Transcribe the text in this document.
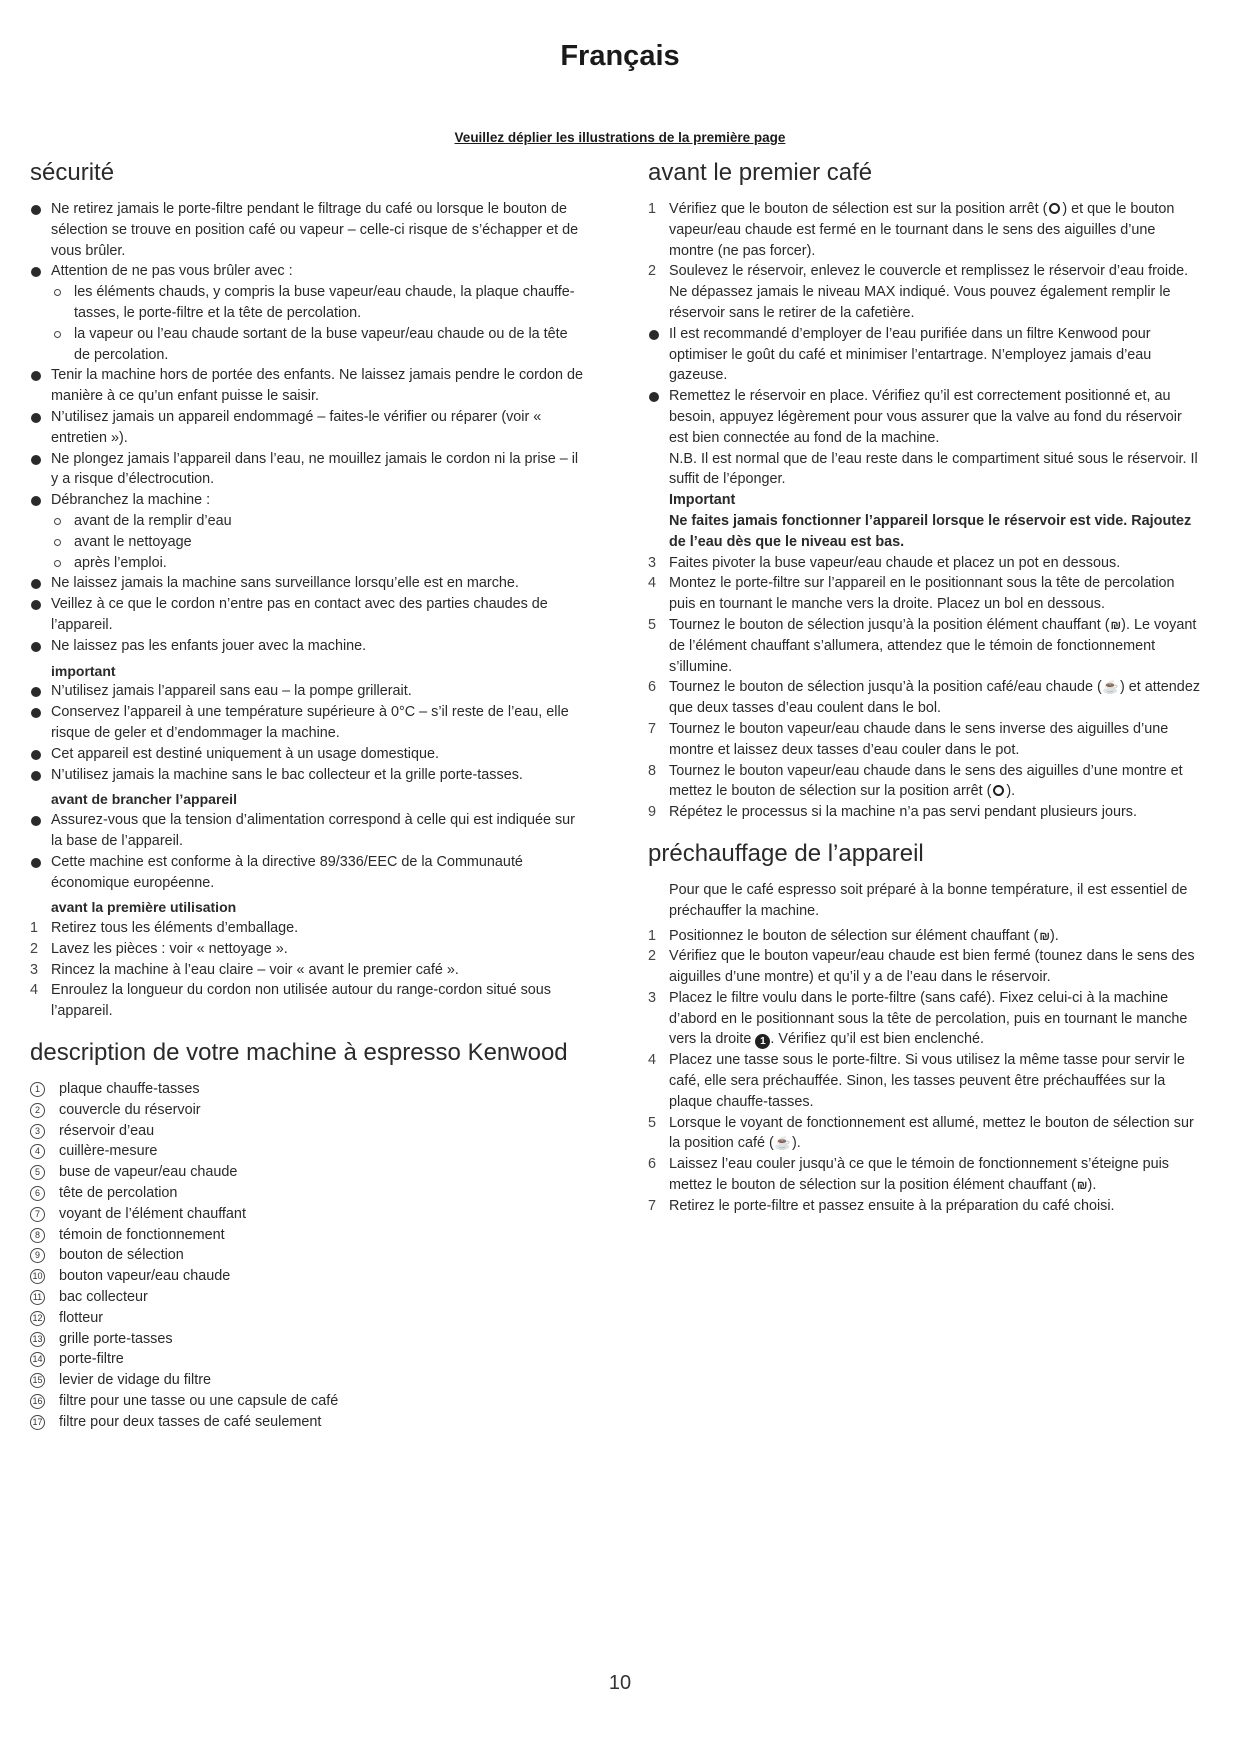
Français
Veuillez déplier les illustrations de la première page
sécurité
Ne retirez jamais le porte-filtre pendant le filtrage du café ou lorsque le bouton de sélection se trouve en position café ou vapeur – celle-ci risque de s’échapper et de vous brûler.
Attention de ne pas vous brûler avec :
les éléments chauds, y compris la buse vapeur/eau chaude, la plaque chauffe-tasses, le porte-filtre et la tête de percolation.
la vapeur ou l’eau chaude sortant de la buse vapeur/eau chaude ou de la tête de percolation.
Tenir la machine hors de portée des enfants. Ne laissez jamais pendre le cordon de manière à ce qu’un enfant puisse le saisir.
N’utilisez jamais un appareil endommagé – faites-le vérifier ou réparer (voir « entretien »).
Ne plongez jamais l’appareil dans l’eau, ne mouillez jamais le cordon ni la prise – il y a risque d’électrocution.
Débranchez la machine :
avant de la remplir d’eau
avant le nettoyage
après l’emploi.
Ne laissez jamais la machine sans surveillance lorsqu’elle est en marche.
Veillez à ce que le cordon n’entre pas en contact avec des parties chaudes de l’appareil.
Ne laissez pas les enfants jouer avec la machine.
important
N’utilisez jamais l’appareil sans eau – la pompe grillerait.
Conservez l’appareil à une température supérieure à 0°C – s’il reste de l’eau, elle risque de geler et d’endommager la machine.
Cet appareil est destiné uniquement à un usage domestique.
N’utilisez jamais la machine sans le bac collecteur et la grille porte-tasses.
avant de brancher l’appareil
Assurez-vous que la tension d’alimentation correspond à celle qui est indiquée sur la base de l’appareil.
Cette machine est conforme à la directive 89/336/EEC de la Communauté économique européenne.
avant la première utilisation
1 Retirez tous les éléments d’emballage.
2 Lavez les pièces : voir « nettoyage ».
3 Rincez la machine à l’eau claire – voir « avant le premier café ».
4 Enroulez la longueur du cordon non utilisée autour du range-cordon situé sous l’appareil.
description de votre machine à espresso Kenwood
1	plaque chauffe-tasses
2	couvercle du réservoir
3	réservoir d’eau
4	cuillère-mesure
5	buse de vapeur/eau chaude
6	tête de percolation
7	voyant de l’élément chauffant
8	témoin de fonctionnement
9	bouton de sélection
10 bouton vapeur/eau chaude
11 bac collecteur
12 flotteur
13 grille porte-tasses
14 porte-filtre
15 levier de vidage du filtre
16 filtre pour une tasse ou une capsule de café
17 filtre pour deux tasses de café seulement
avant le premier café
1 Vérifiez que le bouton de sélection est sur la position arrêt ( ) et que le bouton vapeur/eau chaude est fermé en le tournant dans le sens des aiguilles d’une montre (ne pas forcer).
2 Soulevez le réservoir, enlevez le couvercle et remplissez le réservoir d’eau froide. Ne dépassez jamais le niveau MAX indiqué. Vous pouvez également remplir le réservoir sans le retirer de la cafetière.
Il est recommandé d’employer de l’eau purifiée dans un filtre Kenwood pour optimiser le goût du café et minimiser l’entartrage. N’employez jamais d’eau gazeuse.
Remettez le réservoir en place. Vérifiez qu’il est correctement positionné et, au besoin, appuyez légèrement pour vous assurer que la valve au fond du réservoir est bien connectée au fond de la machine.
N.B. Il est normal que de l’eau reste dans le compartiment situé sous le réservoir. Il suffit de l’éponger.
Important
Ne faites jamais fonctionner l’appareil lorsque le réservoir est vide. Rajoutez de l’eau dès que le niveau est bas.
3 Faites pivoter la buse vapeur/eau chaude et placez un pot en dessous.
4 Montez le porte-filtre sur l’appareil en le positionnant sous la tête de percolation puis en tournant le manche vers la droite. Placez un bol en dessous.
5 Tournez le bouton de sélection jusqu’à la position élément chauffant (₪). Le voyant de l’élément chauffant s’allumera, attendez que le témoin de fonctionnement s’illumine.
6 Tournez le bouton de sélection jusqu’à la position café/eau chaude (☕) et attendez que deux tasses d’eau coulent dans le bol.
7 Tournez le bouton vapeur/eau chaude dans le sens inverse des aiguilles d’une montre et laissez deux tasses d’eau couler dans le pot.
8 Tournez le bouton vapeur/eau chaude dans le sens des aiguilles d’une montre et mettez le bouton de sélection sur la position arrêt ( ).
9 Répétez le processus si la machine n’a pas servi pendant plusieurs jours.
préchauffage de l’appareil
Pour que le café espresso soit préparé à la bonne température, il est essentiel de préchauffer la machine.
1 Positionnez le bouton de sélection sur élément chauffant (₪).
2 Vérifiez que le bouton vapeur/eau chaude est bien fermé (tounez dans le sens des aiguilles d’une montre) et qu’il y a de l’eau dans le réservoir.
3 Placez le filtre voulu dans le porte-filtre (sans café). Fixez celui-ci à la machine d’abord en le positionnant sous la tête de percolation, puis en tournant le manche vers la droite 1 . Vérifiez qu’il est bien enclenché.
4 Placez une tasse sous le porte-filtre. Si vous utilisez la même tasse pour servir le café, elle sera préchauffée. Sinon, les tasses peuvent être préchauffées sur la plaque chauffe-tasses.
5 Lorsque le voyant de fonctionnement est allumé, mettez le bouton de sélection sur la position café (☕).
6 Laissez l’eau couler jusqu’à ce que le témoin de fonctionnement s’éteigne puis mettez le bouton de sélection sur la position élément chauffant (₪).
7 Retirez le porte-filtre et passez ensuite à la préparation du café choisi.
10
